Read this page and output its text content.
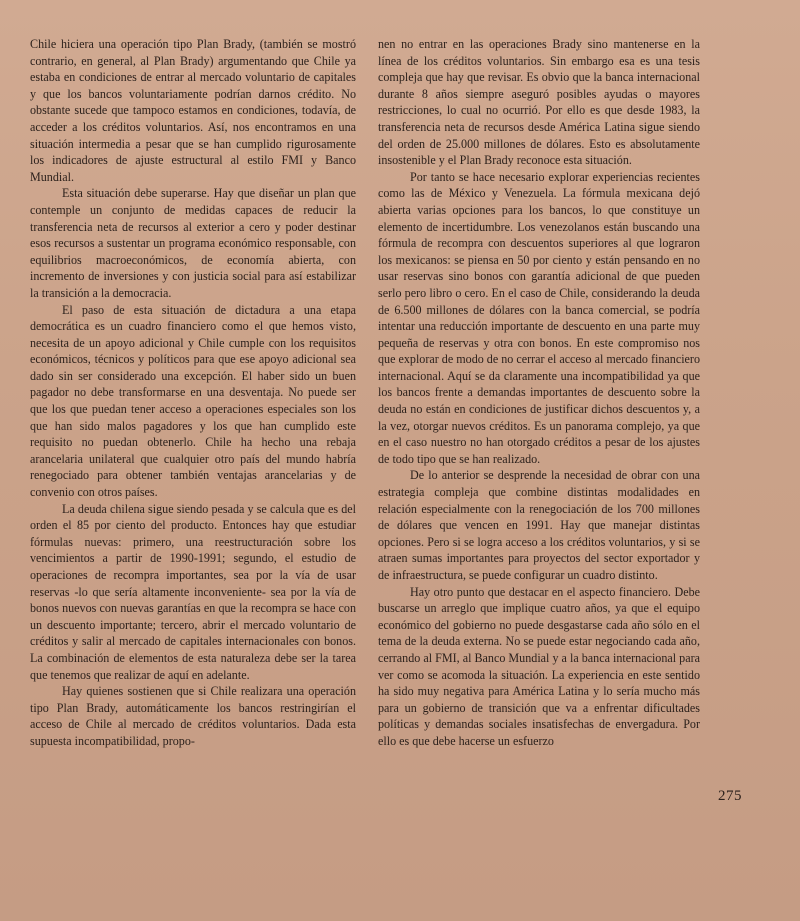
Chile hiciera una operación tipo Plan Brady, (también se mostró contrario, en general, al Plan Brady) argumentando que Chile ya estaba en condiciones de entrar al mercado voluntario de capitales y que los bancos voluntariamente podrían darnos crédito. No obstante sucede que tampoco estamos en condiciones, todavía, de acceder a los créditos voluntarios. Así, nos encontramos en una situación intermedia a pesar que se han cumplido rigurosamente los indicadores de ajuste estructural al estilo FMI y Banco Mundial.

Esta situación debe superarse. Hay que diseñar un plan que contemple un conjunto de medidas capaces de reducir la transferencia neta de recursos al exterior a cero y poder destinar esos recursos a sustentar un programa económico responsable, con equilibrios macroeconómicos, de economía abierta, con incremento de inversiones y con justicia social para así estabilizar la transición a la democracia.

El paso de esta situación de dictadura a una etapa democrática es un cuadro financiero como el que hemos visto, necesita de un apoyo adicional y Chile cumple con los requisitos económicos, técnicos y políticos para que ese apoyo adicional sea dado sin ser considerado una excepción. El haber sido un buen pagador no debe transformarse en una desventaja. No puede ser que los que puedan tener acceso a operaciones especiales son los que han sido malos pagadores y los que han cumplido este requisito no puedan obtenerlo. Chile ha hecho una rebaja arancelaria unilateral que cualquier otro país del mundo habría renegociado para obtener también ventajas arancelarias y de convenio con otros países.

La deuda chilena sigue siendo pesada y se calcula que es del orden el 85 por ciento del producto. Entonces hay que estudiar fórmulas nuevas: primero, una reestructuración sobre los vencimientos a partir de 1990-1991; segundo, el estudio de operaciones de recompra importantes, sea por la vía de usar reservas -lo que sería altamente inconveniente- sea por la vía de bonos nuevos con nuevas garantías en que la recompra se hace con un descuento importante; tercero, abrir el mercado voluntario de créditos y salir al mercado de capitales internacionales con bonos. La combinación de elementos de esta naturaleza debe ser la tarea que tenemos que realizar de aquí en adelante.

Hay quienes sostienen que si Chile realizara una operación tipo Plan Brady, automáticamente los bancos restringirían el acceso de Chile al mercado de créditos voluntarios. Dada esta supuesta incompatibilidad, propo-

nen no entrar en las operaciones Brady sino mantenerse en la línea de los créditos voluntarios. Sin embargo esa es una tesis compleja que hay que revisar. Es obvio que la banca internacional durante 8 años siempre aseguró posibles ayudas o mayores restricciones, lo cual no ocurrió. Por ello es que desde 1983, la transferencia neta de recursos desde América Latina sigue siendo del orden de 25.000 millones de dólares. Esto es absolutamente insostenible y el Plan Brady reconoce esta situación.

Por tanto se hace necesario explorar experiencias recientes como las de México y Venezuela. La fórmula mexicana dejó abierta varias opciones para los bancos, lo que constituye un elemento de incertidumbre. Los venezolanos están buscando una fórmula de recompra con descuentos superiores al que lograron los mexicanos: se piensa en 50 por ciento y están pensando en no usar reservas sino bonos con garantía adicional de que pueden serlo pero libro o cero. En el caso de Chile, considerando la deuda de 6.500 millones de dólares con la banca comercial, se podría intentar una reducción importante de descuento en una parte muy pequeña de reservas y otra con bonos. En este compromiso nos que explorar de modo de no cerrar el acceso al mercado financiero internacional. Aquí se da claramente una incompatibilidad ya que los bancos frente a demandas importantes de descuento sobre la deuda no están en condiciones de justificar dichos descuentos y, a la vez, otorgar nuevos créditos. Es un panorama complejo, ya que en el caso nuestro no han otorgado créditos a pesar de los ajustes de todo tipo que se han realizado.

De lo anterior se desprende la necesidad de obrar con una estrategia compleja que combine distintas modalidades en relación especialmente con la renegociación de los 700 millones de dólares que vencen en 1991. Hay que manejar distintas opciones. Pero si se logra acceso a los créditos voluntarios, y si se atraen sumas importantes para proyectos del sector exportador y de infraestructura, se puede configurar un cuadro distinto.

Hay otro punto que destacar en el aspecto financiero. Debe buscarse un arreglo que implique cuatro años, ya que el equipo económico del gobierno no puede desgastarse cada año sólo en el tema de la deuda externa. No se puede estar negociando cada año, cerrando al FMI, al Banco Mundial y a la banca internacional para ver como se acomoda la situación. La experiencia en este sentido ha sido muy negativa para América Latina y lo sería mucho más para un gobierno de transición que va a enfrentar dificultades políticas y demandas sociales insatisfechas de envergadura. Por ello es que debe hacerse un esfuerzo

275
